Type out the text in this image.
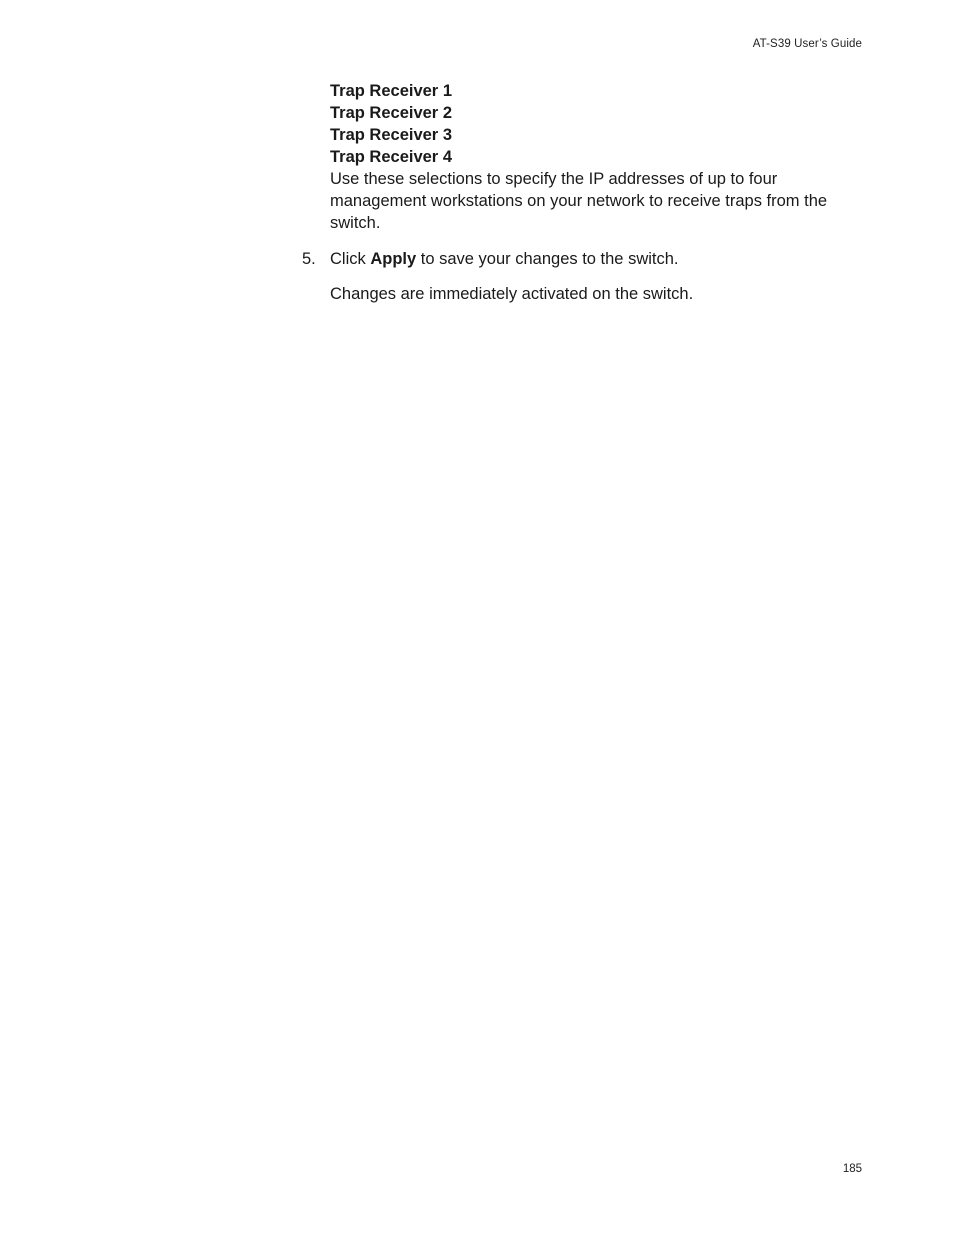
AT-S39 User’s Guide
Trap Receiver 1
Trap Receiver 2
Trap Receiver 3
Trap Receiver 4

Use these selections to specify the IP addresses of up to four management workstations on your network to receive traps from the switch.

5. Click Apply to save your changes to the switch.
Changes are immediately activated on the switch.
185
